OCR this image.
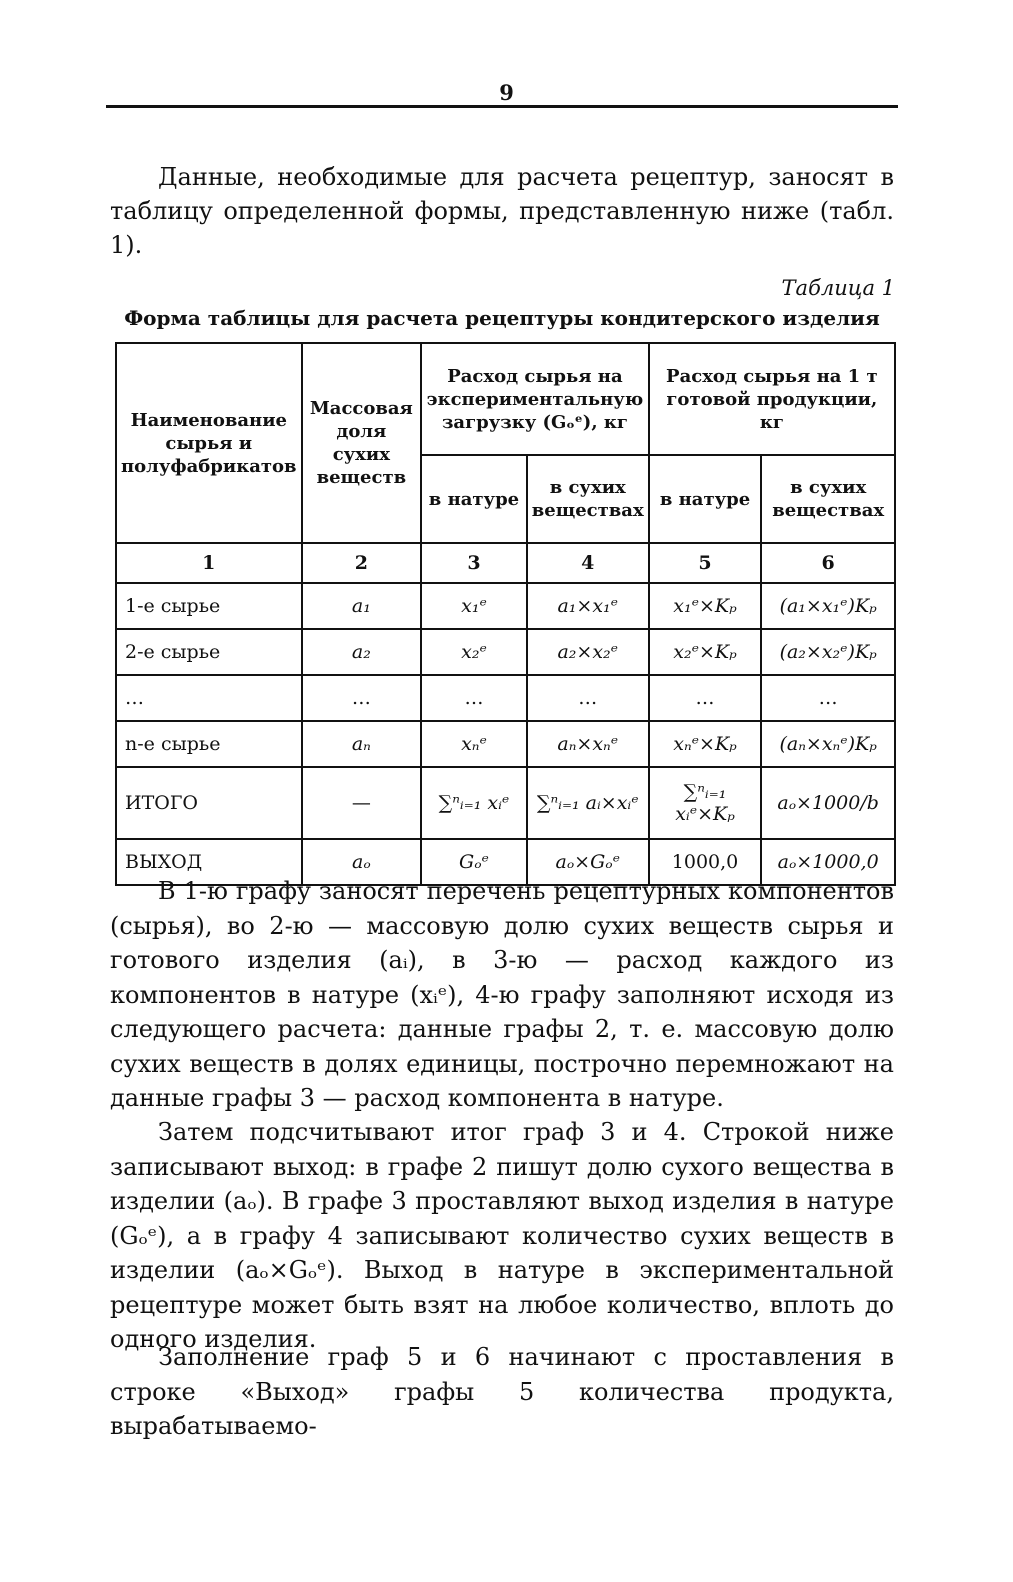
9

Данные, необходимые для расчета рецептур, заносят в таблицу определенной формы, представленную ниже (табл. 1).

Таблица 1
Форма таблицы для расчета рецептуры кондитерского изделия
Наименование сырья и полуфабрикатов	Массовая доля сухих веществ	Расход сырья на экспериментальную загрузку (Gₒᵉ), кг		Расход сырья на 1 т готовой продукции, кг	
		в натуре	в сухих веществах	в натуре	в сухих веществах
1	2	3	4	5	6
1-е сырье	a₁	x₁ᵉ	a₁×x₁ᵉ	x₁ᵉ×Kₚ	(a₁×x₁ᵉ)Kₚ
2-е сырье	a₂	x₂ᵉ	a₂×x₂ᵉ	x₂ᵉ×Kₚ	(a₂×x₂ᵉ)Kₚ
…	…	…	…	…	…
n-е сырье	aₙ	xₙᵉ	aₙ×xₙᵉ	xₙᵉ×Kₚ	(aₙ×xₙᵉ)Kₚ
ИТОГО	—	∑ⁿᵢ₌₁ xᵢᵉ	∑ⁿᵢ₌₁ aᵢ×xᵢᵉ	∑ⁿᵢ₌₁ xᵢᵉ×Kₚ	aₒ×1000/b
ВЫХОД	aₒ	Gₒᵉ	aₒ×Gₒᵉ	1000,0	aₒ×1000,0

В 1-ю графу заносят перечень рецептурных компонентов (сырья), во 2-ю — массовую долю сухих веществ сырья и готового изделия (aᵢ), в 3-ю — расход каждого из компонентов в натуре (xᵢᵉ), 4-ю графу заполняют исходя из следующего расчета: данные графы 2, т. е. массовую долю сухих веществ в долях единицы, построчно перемножают на данные графы 3 — расход компонента в натуре.

Затем подсчитывают итог граф 3 и 4. Строкой ниже записывают выход: в графе 2 пишут долю сухого вещества в изделии (aₒ). В графе 3 проставляют выход изделия в натуре (Gₒᵉ), а в графу 4 записывают количество сухих веществ в изделии (aₒ×Gₒᵉ). Выход в натуре в экспериментальной рецептуре может быть взят на любое количество, вплоть до одного изделия.

Заполнение граф 5 и 6 начинают с проставления в строке «Выход» графы 5 количества продукта, вырабатываемо-
